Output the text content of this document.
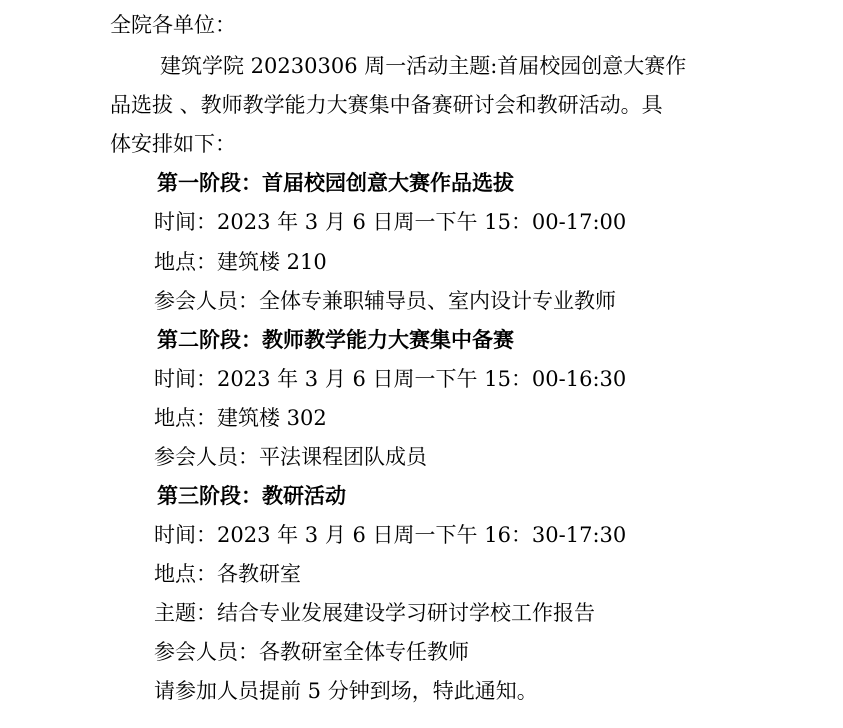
全院各单位：
建筑学院 20230306 周一活动主题:首届校园创意大赛作
品选拔 、教师教学能力大赛集中备赛研讨会和教研活动。具
体安排如下：
第一阶段：首届校园创意大赛作品选拔
时间：2023 年 3 月 6 日周一下午 15：00-17:00
地点：建筑楼 210
参会人员：全体专兼职辅导员、室内设计专业教师
第二阶段：教师教学能力大赛集中备赛
时间：2023 年 3 月 6 日周一下午 15：00-16:30
地点：建筑楼 302
参会人员：平法课程团队成员
第三阶段：教研活动
时间：2023 年 3 月 6 日周一下午 16：30-17:30
地点：各教研室
主题：结合专业发展建设学习研讨学校工作报告
参会人员：各教研室全体专任教师
请参加人员提前 5 分钟到场，特此通知。
